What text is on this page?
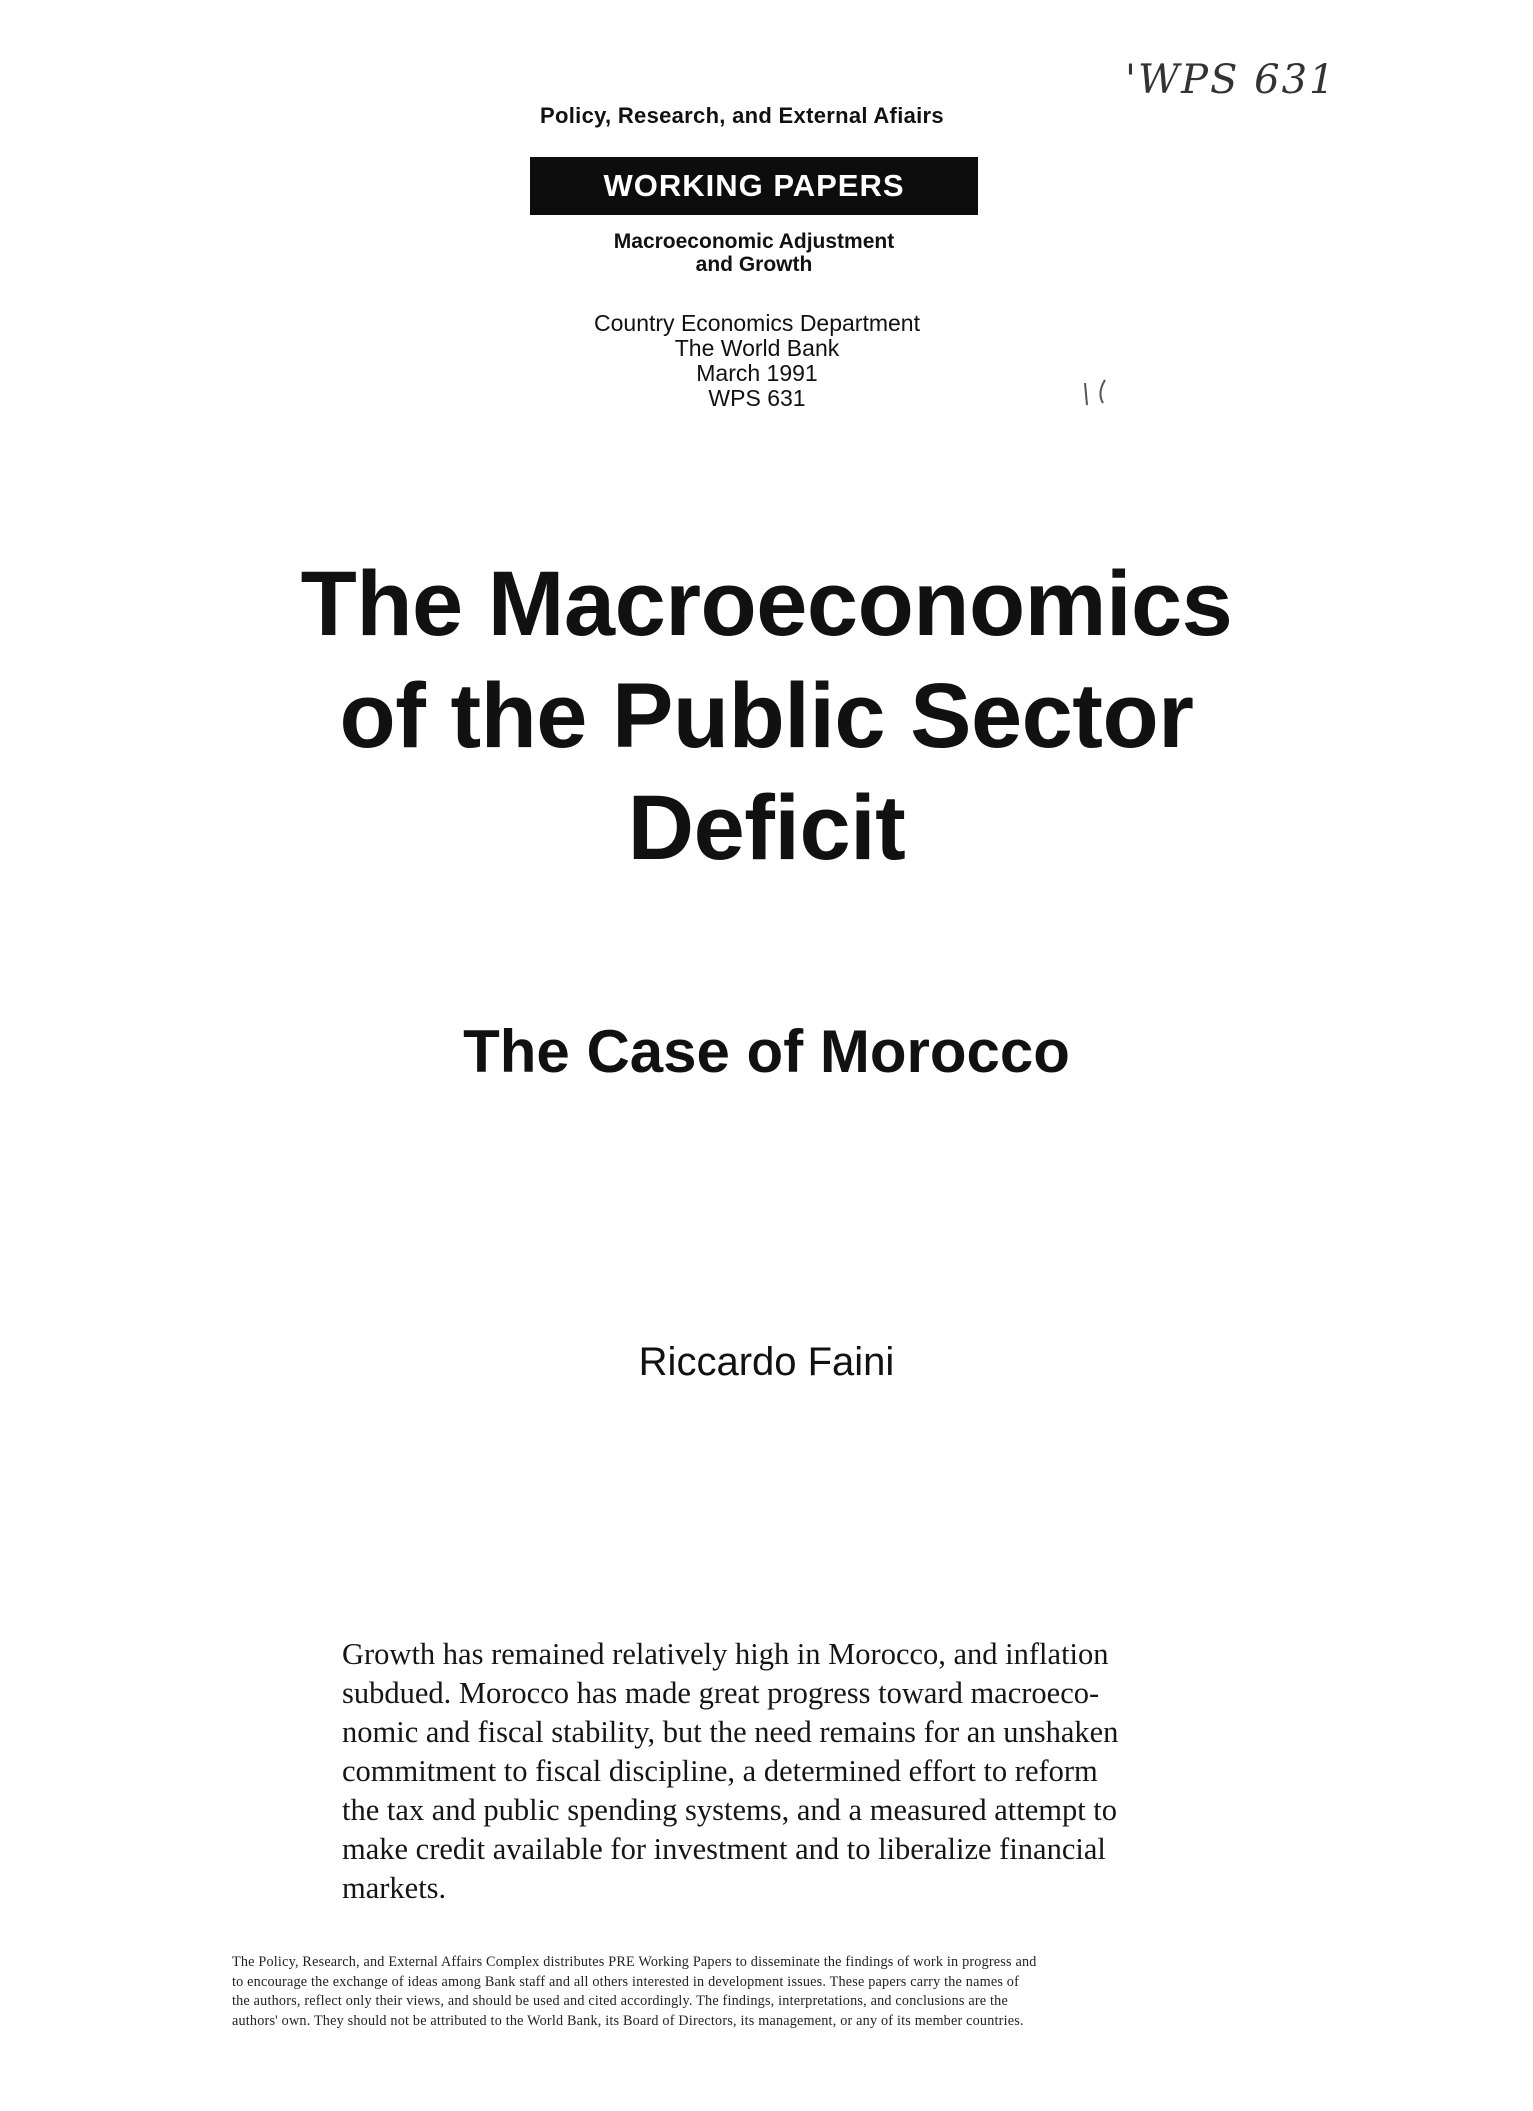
Policy, Research, and External Afiairs
WORKING PAPERS
Macroeconomic Adjustment
and Growth
Country Economics Department
The World Bank
March 1991
WPS 631
'WPS 631
The Macroeconomics
of the Public Sector
Deficit
The Case of Morocco
Riccardo Faini
Growth has remained relatively high in Morocco, and inflation
subdued. Morocco has made great progress toward macroeco-
nomic and fiscal stability, but the need remains for an unshaken
commitment to fiscal discipline, a determined effort to reform
the tax and public spending systems, and a measured attempt to
make credit available for investment and to liberalize financial
markets.
The Policy, Research, and External Affairs Complex distributes PRE Working Papers to disseminate the findings of work in progress and
to encourage the exchange of ideas among Bank staff and all others interested in development issues. These papers carry the names of
the authors, reflect only their views, and should be used and cited accordingly. The findings, interpretations, and conclusions are the
authors' own. They should not be attributed to the World Bank, its Board of Directors, its management, or any of its member countries.
